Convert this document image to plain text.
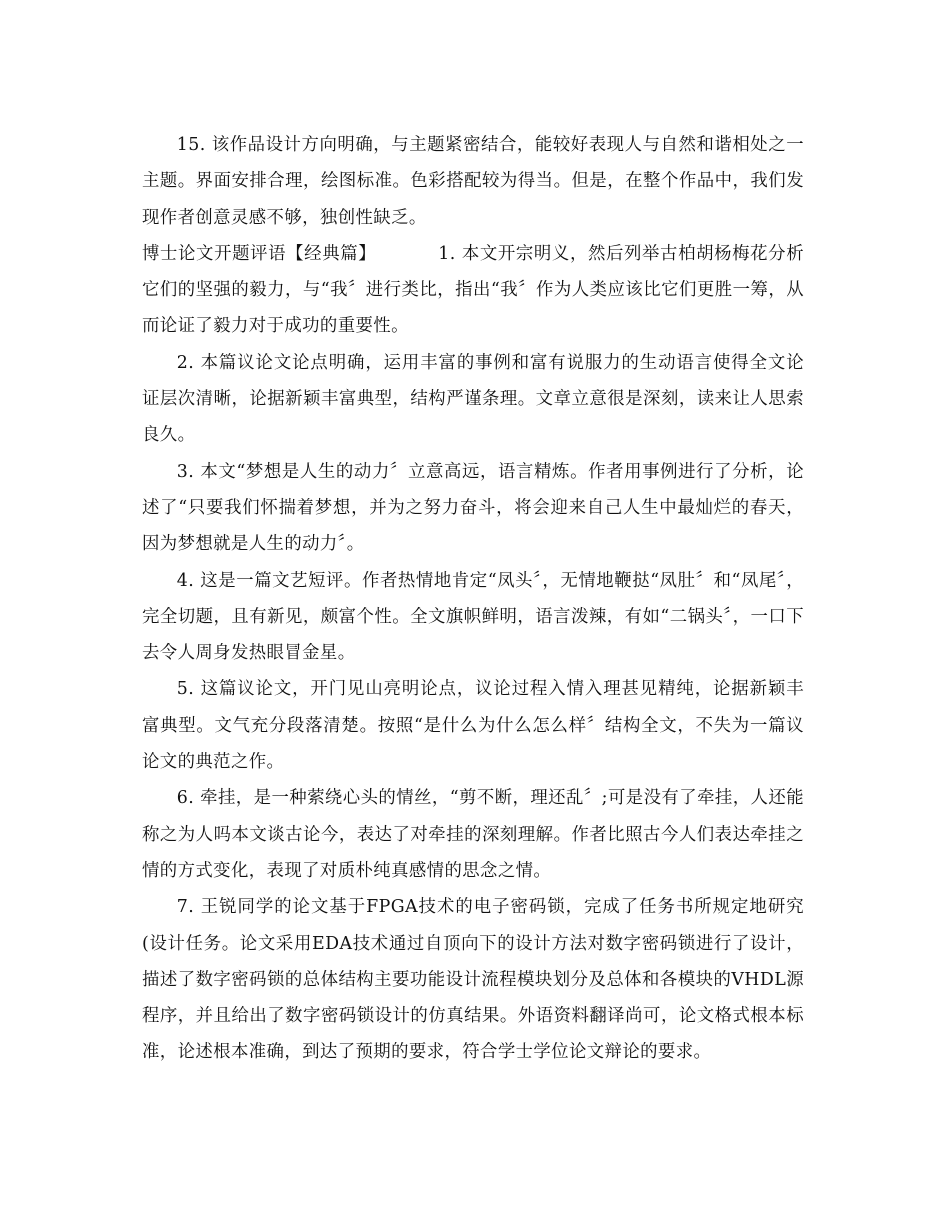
15. 该作品设计方向明确，与主题紧密结合，能较好表现人与自然和谐相处之一主题。界面安排合理，绘图标准。色彩搭配较为得当。但是，在整个作品中，我们发现作者创意灵感不够，独创性缺乏。

博士论文开题评语【经典篇】	1. 本文开宗明义，然后列举古柏胡杨梅花分析它们的坚强的毅力，与“我〞进行类比，指出“我〞作为人类应该比它们更胜一筹，从而论证了毅力对于成功的重要性。

2. 本篇议论文论点明确，运用丰富的事例和富有说服力的生动语言使得全文论证层次清晰，论据新颖丰富典型，结构严谨条理。文章立意很是深刻，读来让人思索良久。

3. 本文“梦想是人生的动力〞立意高远，语言精炼。作者用事例进行了分析，论述了“只要我们怀揣着梦想，并为之努力奋斗，将会迎来自己人生中最灿烂的春天，因为梦想就是人生的动力〞。

4. 这是一篇文艺短评。作者热情地肯定“凤头〞，无情地鞭挞“凤肚〞和“凤尾〞，完全切题，且有新见，颇富个性。全文旗帜鲜明，语言泼辣，有如“二锅头〞，一口下去令人周身发热眼冒金星。

5. 这篇议论文，开门见山亮明论点，议论过程入情入理甚见精纯，论据新颖丰富典型。文气充分段落清楚。按照“是什么为什么怎么样〞结构全文，不失为一篇议论文的典范之作。

6. 牵挂，是一种萦绕心头的情丝，“剪不断，理还乱〞;可是没有了牵挂，人还能称之为人吗本文谈古论今，表达了对牵挂的深刻理解。作者比照古今人们表达牵挂之情的方式变化，表现了对质朴纯真感情的思念之情。

7. 王锐同学的论文基于FPGA技术的电子密码锁，完成了任务书所规定地研究(设计任务。论文采用EDA技术通过自顶向下的设计方法对数字密码锁进行了设计，描述了数字密码锁的总体结构主要功能设计流程模块划分及总体和各模块的VHDL源程序，并且给出了数字密码锁设计的仿真结果。外语资料翻译尚可，论文格式根本标准，论述根本准确，到达了预期的要求，符合学士学位论文辩论的要求。
